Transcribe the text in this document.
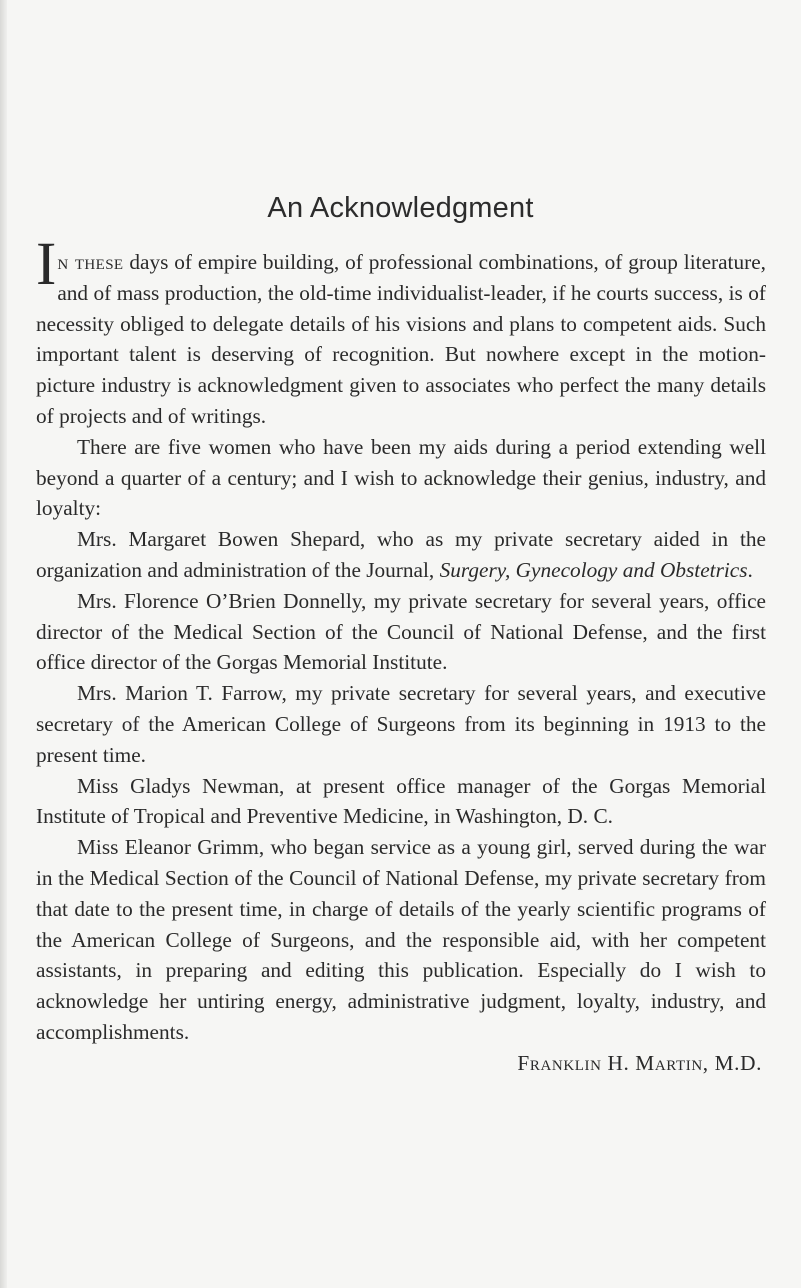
An Acknowledgment

In these days of empire building, of professional combinations, of group literature, and of mass production, the old-time individualist-leader, if he courts success, is of necessity obliged to delegate details of his visions and plans to competent aids. Such important talent is deserving of recognition. But nowhere except in the motion-picture industry is acknowledgment given to associates who perfect the many details of projects and of writings.

There are five women who have been my aids during a period extending well beyond a quarter of a century; and I wish to acknowledge their genius, industry, and loyalty:

Mrs. Margaret Bowen Shepard, who as my private secretary aided in the organization and administration of the Journal, Surgery, Gynecology and Obstetrics.

Mrs. Florence O’Brien Donnelly, my private secretary for several years, office director of the Medical Section of the Council of National Defense, and the first office director of the Gorgas Memorial Institute.

Mrs. Marion T. Farrow, my private secretary for several years, and executive secretary of the American College of Surgeons from its beginning in 1913 to the present time.

Miss Gladys Newman, at present office manager of the Gorgas Memorial Institute of Tropical and Preventive Medicine, in Washington, D. C.

Miss Eleanor Grimm, who began service as a young girl, served during the war in the Medical Section of the Council of National Defense, my private secretary from that date to the present time, in charge of details of the yearly scientific programs of the American College of Surgeons, and the responsible aid, with her competent assistants, in preparing and editing this publication. Especially do I wish to acknowledge her untiring energy, administrative judgment, loyalty, industry, and accomplishments.

Franklin H. Martin, M.D.
